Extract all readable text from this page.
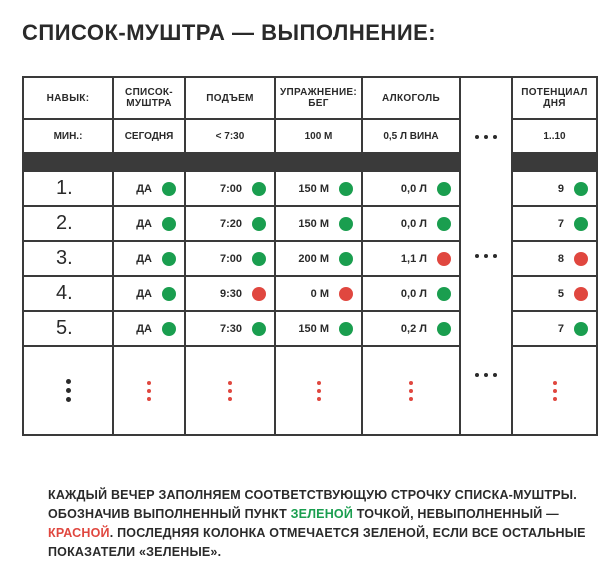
СПИСОК-МУШТРА — ВЫПОЛНЕНИЕ:
НАВЫК:	СПИСОК-МУШТРА	ПОДЪЕМ	УПРАЖНЕНИЕ: БЕГ	АЛКОГОЛЬ	ПОТЕНЦИАЛ ДНЯ
МИН.:	СЕГОДНЯ	< 7:30	100 М	0,5 Л ВИНА	1..10
1.	ДА	7:00	150 М	0,0 Л	9
2.	ДА	7:20	150 М	0,0 Л	7
3.	ДА	7:00	200 М	1,1 Л	8
4.	ДА	9:30	0 М	0,0 Л	5
5.	ДА	7:30	150 М	0,2 Л	7
КАЖДЫЙ ВЕЧЕР ЗАПОЛНЯЕМ СООТВЕТСТВУЮЩУЮ СТРОЧКУ СПИСКА-МУШТРЫ. ОБОЗНАЧИВ ВЫПОЛНЕННЫЙ ПУНКТ ЗЕЛЕНОЙ ТОЧКОЙ, НЕВЫПОЛНЕННЫЙ — КРАСНОЙ. ПОСЛЕДНЯЯ КОЛОНКА ОТМЕЧАЕТСЯ ЗЕЛЕНОЙ, ЕСЛИ ВСЕ ОСТАЛЬНЫЕ ПОКАЗАТЕЛИ «ЗЕЛЕНЫЕ».
